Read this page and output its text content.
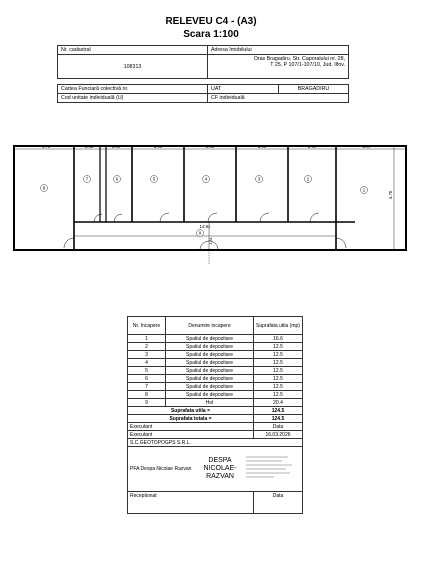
RELEVEU C4 - (A3)
Scara 1:100
Nr. cadastral	Adresa Imobilului
108313	Oras Bragadiru, Str. Caporalului nr. 28,
T 25, P 107/1-107/10, Jud. Ilfov.

Cartea Funciară colectivă nr.	UAT BRAGADIRU

Cod unitate individuală (U)	CF individuală
3.79	1.42	1.40	2.90	2.90	2.90	2.90	2.87
4.70
8
7	6	5	4	3	2
1
9
14.91
1.31
Nr. Incapere	Denumire incapere	Suprafata utila (mp)
1	Spatiul de depozitare	16.6
2	Spatiul de depozitare	12.5
3	Spatiul de depozitare	12.5
4	Spatiul de depozitare	12.5
5	Spatiul de depozitare	12.5
6	Spatiul de depozitare	12.5
7	Spatiul de depozitare	12.5
8	Spatiul de depozitare	12.5
9	Hol	20.4
Suprafata utila =		124.5
Suprafata totala =		124.5
Executant		Data
Executant		16.03.2026
S.C.GEOTOPOGPS S.R.L.		

PFA Despa Nicolae Razvan
DESPA
NICOLAE-
RAZVAN		

Receptionat		Data
